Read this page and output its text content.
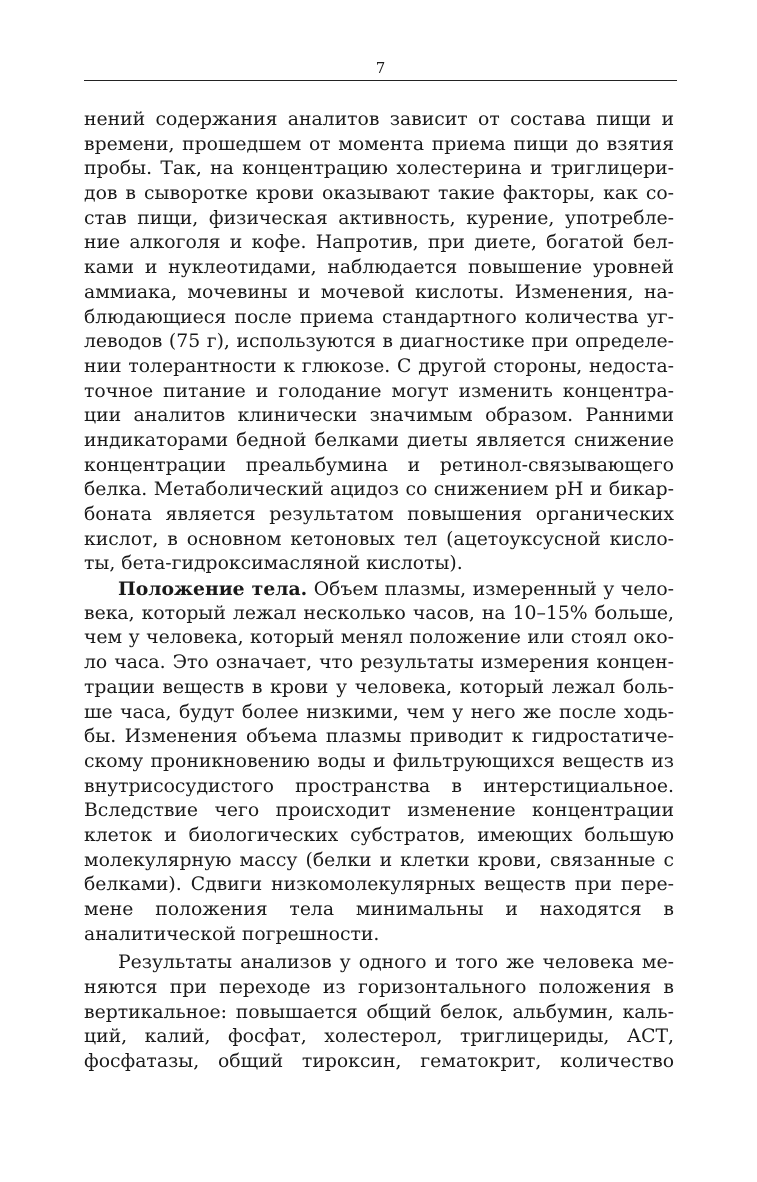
7
нений содержания аналитов зависит от состава пищи и
времени, прошедшем от момента приема пищи до взятия
пробы. Так, на концентрацию холестерина и триглицери-
дов в сыворотке крови оказывают такие факторы, как со-
став пищи, физическая активность, курение, употребле-
ние алкоголя и кофе. Напротив, при диете, богатой бел-
ками и нуклеотидами, наблюдается повышение уровней
аммиака, мочевины и мочевой кислоты. Изменения, на-
блюдающиеся после приема стандартного количества уг-
леводов (75 г), используются в диагностике при определе-
нии толерантности к глюкозе. С другой стороны, недоста-
точное питание и голодание могут изменить концентра-
ции аналитов клинически значимым образом. Ранними
индикаторами бедной белками диеты является снижение
концентрации преальбумина и ретинол-связывающего
белка. Метаболический ацидоз со снижением pH и бикар-
боната является результатом повышения органических
кислот, в основном кетоновых тел (ацетоуксусной кисло-
ты, бета-гидроксимасляной кислоты).
Положение тела. Объем плазмы, измеренный у чело-
века, который лежал несколько часов, на 10–15% больше,
чем у человека, который менял положение или стоял око-
ло часа. Это означает, что результаты измерения концен-
трации веществ в крови у человека, который лежал боль-
ше часа, будут более низкими, чем у него же после ходь-
бы. Изменения объема плазмы приводит к гидростатиче-
скому проникновению воды и фильтрующихся веществ из
внутрисосудистого пространства в интерстициальное.
Вследствие чего происходит изменение концентрации
клеток и биологических субстратов, имеющих большую
молекулярную массу (белки и клетки крови, связанные с
белками). Сдвиги низкомолекулярных веществ при пере-
мене положения тела минимальны и находятся в
аналитической погрешности.
Результаты анализов у одного и того же человека ме-
няются при переходе из горизонтального положения в
вертикальное: повышается общий белок, альбумин, каль-
ций, калий, фосфат, холестерол, триглицериды, АСТ,
фосфатазы, общий тироксин, гематокрит, количество
